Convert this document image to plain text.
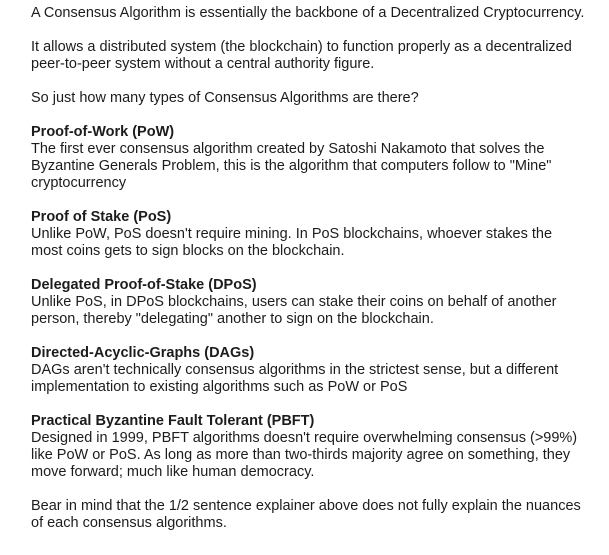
A Consensus Algorithm is essentially the backbone of a Decentralized Cryptocurrency.

It allows a distributed system (the blockchain) to function properly as a decentralized peer-to-peer system without a central authority figure.

So just how many types of Consensus Algorithms are there?

Proof-of-Work (PoW)
The first ever consensus algorithm created by Satoshi Nakamoto that solves the Byzantine Generals Problem, this is the algorithm that computers follow to "Mine" cryptocurrency
Proof of Stake (PoS)
Unlike PoW, PoS doesn't require mining. In PoS blockchains, whoever stakes the most coins gets to sign blocks on the blockchain.
Delegated Proof-of-Stake (DPoS)
Unlike PoS, in DPoS blockchains, users can stake their coins on behalf of another person, thereby "delegating" another to sign on the blockchain.
Directed-Acyclic-Graphs (DAGs)
DAGs aren't technically consensus algorithms in the strictest sense, but a different implementation to existing algorithms such as PoW or PoS
Practical Byzantine Fault Tolerant (PBFT)
Designed in 1999, PBFT algorithms doesn't require overwhelming consensus (>99%) like PoW or PoS. As long as more than two-thirds majority agree on something, they move forward; much like human democracy.

Bear in mind that the 1/2 sentence explainer above does not fully explain the nuances of each consensus algorithms.
